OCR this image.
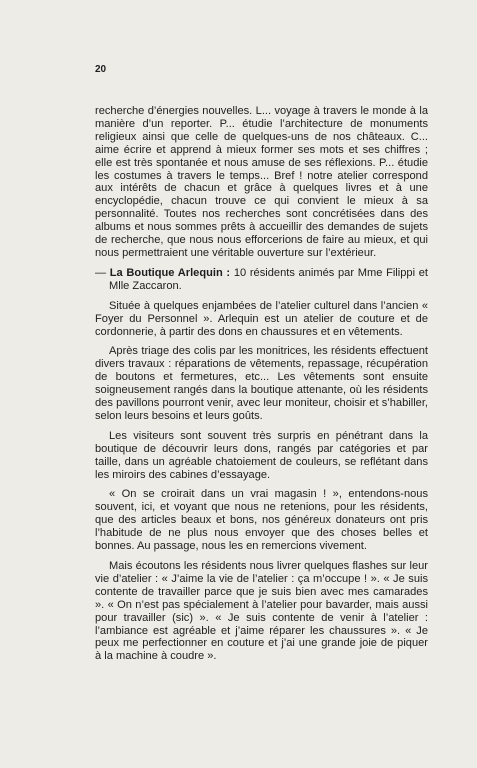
20

recherche d’énergies nouvelles. L... voyage à travers le monde à la manière d’un reporter. P... étudie l’architecture de monuments religieux ainsi que celle de quelques-uns de nos châteaux. C... aime écrire et apprend à mieux former ses mots et ses chiffres ; elle est très spontanée et nous amuse de ses réflexions. P... étudie les costumes à travers le temps... Bref ! notre atelier correspond aux intérêts de chacun et grâce à quelques livres et à une encyclopédie, chacun trouve ce qui convient le mieux à sa personnalité. Toutes nos recherches sont concrétisées dans des albums et nous sommes prêts à accueillir des demandes de sujets de recherche, que nous nous efforcerions de faire au mieux, et qui nous permettraient une véritable ouverture sur l’extérieur.

— La Boutique Arlequin : 10 résidents animés par Mme Filippi et Mlle Zaccaron.

Située à quelques enjambées de l’atelier culturel dans l’ancien « Foyer du Personnel ». Arlequin est un atelier de couture et de cordonnerie, à partir des dons en chaussures et en vêtements.

Après triage des colis par les monitrices, les résidents effectuent divers travaux : réparations de vêtements, repassage, récupération de boutons et fermetures, etc... Les vêtements sont ensuite soigneusement rangés dans la boutique attenante, où les résidents des pavillons pourront venir, avec leur moniteur, choisir et s’habiller, selon leurs besoins et leurs goûts.

Les visiteurs sont souvent très surpris en pénétrant dans la boutique de découvrir leurs dons, rangés par catégories et par taille, dans un agréable chatoiement de couleurs, se reflétant dans les miroirs des cabines d’essayage.

« On se croirait dans un vrai magasin ! », entendons-nous souvent, ici, et voyant que nous ne retenions, pour les résidents, que des articles beaux et bons, nos généreux donateurs ont pris l’habitude de ne plus nous envoyer que des choses belles et bonnes. Au passage, nous les en remercions vivement.

Mais écoutons les résidents nous livrer quelques flashes sur leur vie d’atelier : « J’aime la vie de l’atelier : ça m’occupe ! ». « Je suis contente de travailler parce que je suis bien avec mes camarades ». « On n’est pas spécialement à l’atelier pour bavarder, mais aussi pour travailler (sic) ». « Je suis contente de venir à l’atelier : l’ambiance est agréable et j’aime réparer les chaussures ». « Je peux me perfectionner en couture et j’ai une grande joie de piquer à la machine à coudre ».
